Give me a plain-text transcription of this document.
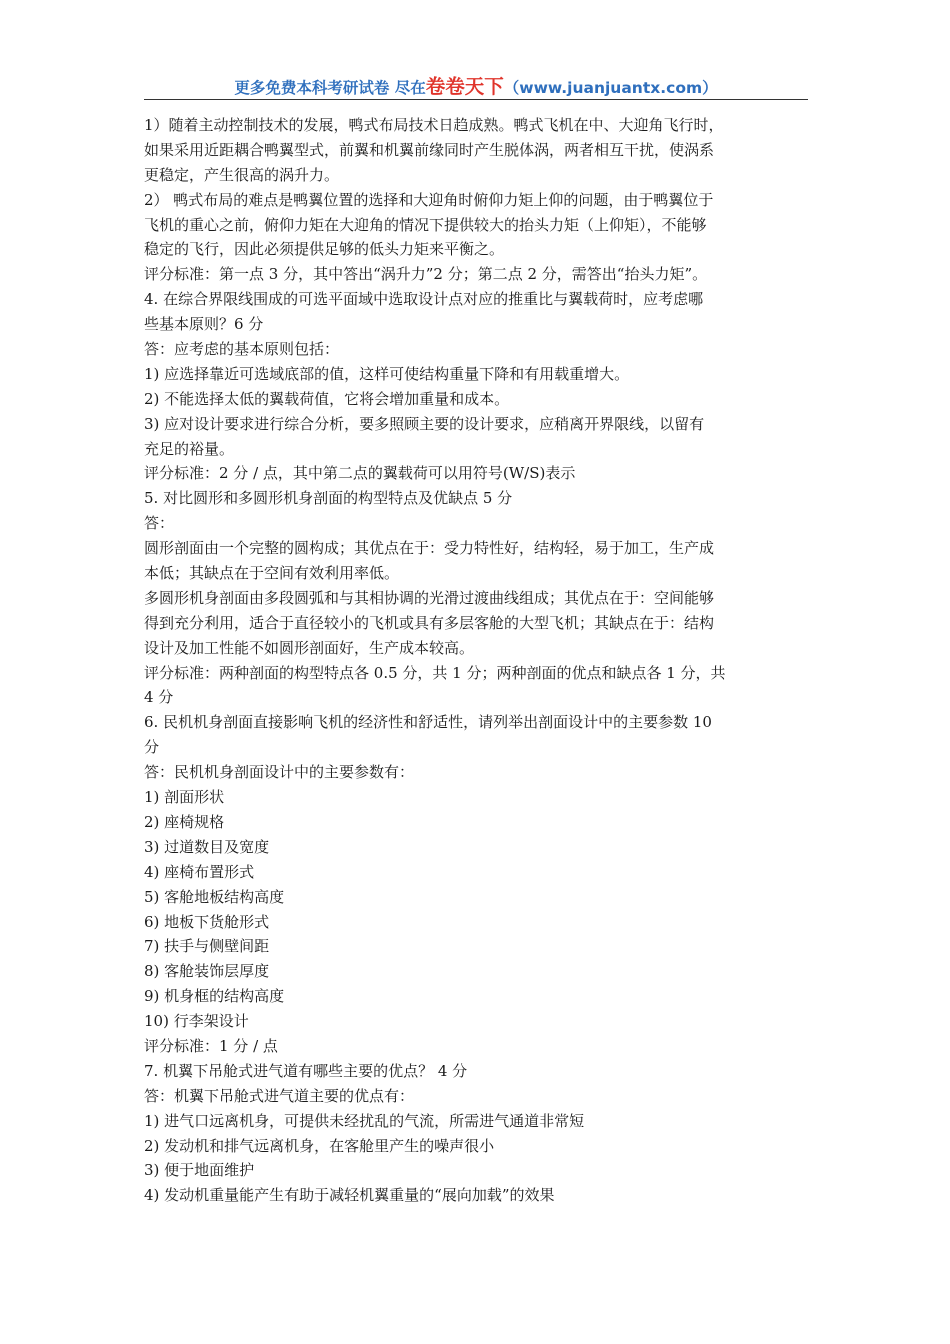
更多免费本科考研试卷 尽在卷卷天下（www.juanjuantx.com）
1）随着主动控制技术的发展，鸭式布局技术日趋成熟。鸭式飞机在中、大迎角飞行时，
如果采用近距耦合鸭翼型式，前翼和机翼前缘同时产生脱体涡，两者相互干扰，使涡系
更稳定，产生很高的涡升力。
2） 鸭式布局的难点是鸭翼位置的选择和大迎角时俯仰力矩上仰的问题，由于鸭翼位于
飞机的重心之前，俯仰力矩在大迎角的情况下提供较大的抬头力矩（上仰矩），不能够
稳定的飞行，因此必须提供足够的低头力矩来平衡之。
评分标准：第一点 3 分，其中答出“涡升力”2 分；第二点 2 分，需答出“抬头力矩”。
4. 在综合界限线围成的可选平面域中选取设计点对应的推重比与翼载荷时，应考虑哪
些基本原则？6 分
答：应考虑的基本原则包括：
1) 应选择靠近可选域底部的值，这样可使结构重量下降和有用载重增大。
2) 不能选择太低的翼载荷值，它将会增加重量和成本。
3) 应对设计要求进行综合分析，要多照顾主要的设计要求，应稍离开界限线，以留有
充足的裕量。
评分标准：2 分 / 点，其中第二点的翼载荷可以用符号(W/S)表示
5. 对比圆形和多圆形机身剖面的构型特点及优缺点 5 分
答：
圆形剖面由一个完整的圆构成；其优点在于：受力特性好，结构轻，易于加工，生产成
本低；其缺点在于空间有效利用率低。
多圆形机身剖面由多段圆弧和与其相协调的光滑过渡曲线组成；其优点在于：空间能够
得到充分利用，适合于直径较小的飞机或具有多层客舱的大型飞机；其缺点在于：结构
设计及加工性能不如圆形剖面好，生产成本较高。
评分标准：两种剖面的构型特点各 0.5 分，共 1 分；两种剖面的优点和缺点各 1 分，共
4 分
6. 民机机身剖面直接影响飞机的经济性和舒适性，请列举出剖面设计中的主要参数 10
分
答：民机机身剖面设计中的主要参数有：
1) 剖面形状
2) 座椅规格
3) 过道数目及宽度
4) 座椅布置形式
5) 客舱地板结构高度
6) 地板下货舱形式
7) 扶手与侧壁间距
8) 客舱装饰层厚度
9) 机身框的结构高度
10) 行李架设计
评分标准：1 分 / 点
7. 机翼下吊舱式进气道有哪些主要的优点？ 4 分
答：机翼下吊舱式进气道主要的优点有：
1) 进气口远离机身，可提供未经扰乱的气流，所需进气通道非常短
2) 发动机和排气远离机身，在客舱里产生的噪声很小
3) 便于地面维护
4) 发动机重量能产生有助于减轻机翼重量的“展向加载”的效果
